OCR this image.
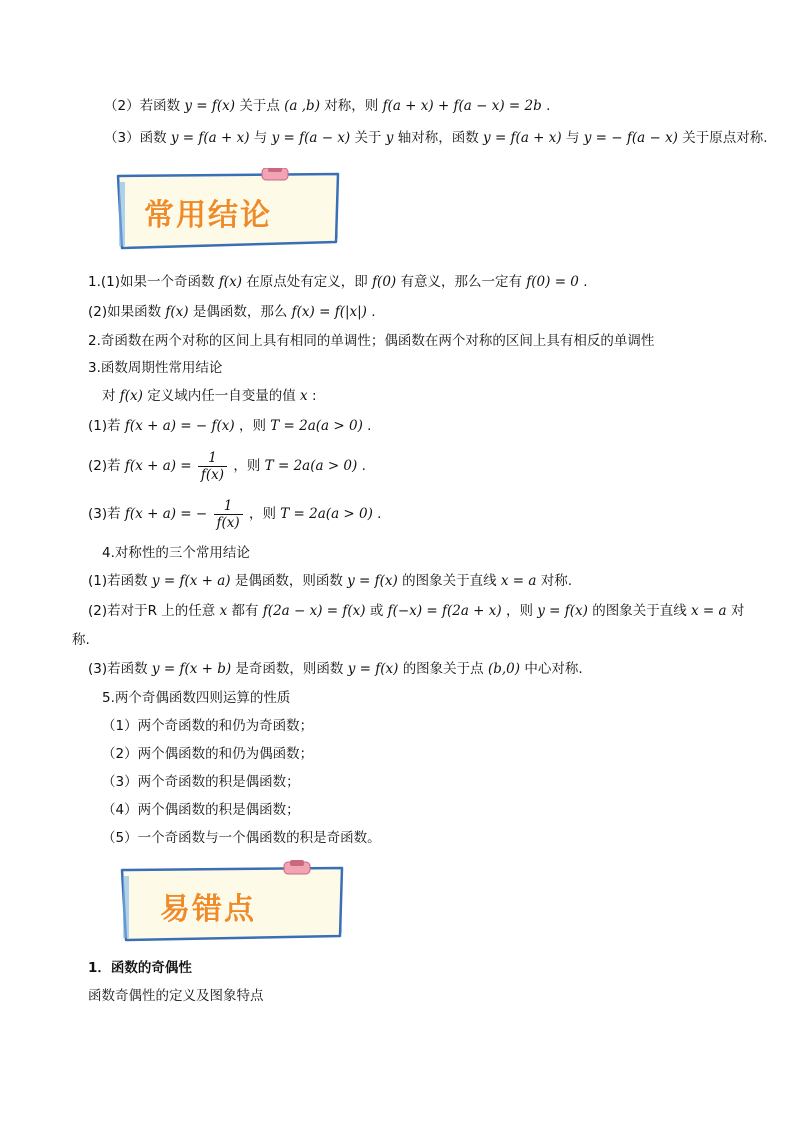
（2）若函数 y = f(x) 关于点 (a ,b) 对称，则 f(a + x) + f(a − x) = 2b .
（3）函数 y = f(a + x) 与 y = f(a − x) 关于 y 轴对称，函数 y = f(a + x) 与 y = − f(a − x) 关于原点对称.
常用结论
1.(1)如果一个奇函数 f(x) 在原点处有定义，即 f(0) 有意义，那么一定有 f(0) = 0 .
(2)如果函数 f(x) 是偶函数，那么 f(x) = f(|x|) .
2.奇函数在两个对称的区间上具有相同的单调性；偶函数在两个对称的区间上具有相反的单调性
3.函数周期性常用结论
对 f(x) 定义域内任一自变量的值 x :
(1)若 f(x + a) = − f(x) ，则 T = 2a(a > 0) .
(2)若 $f(x + a) = \frac{1}{f(x)}$ ，则 T = 2a(a > 0) .
(3)若 f(x + a) = − $\frac{1}{f(x)}$ ，则 T = 2a(a > 0) .
4.对称性的三个常用结论
(1)若函数 y = f(x + a) 是偶函数，则函数 y = f(x) 的图象关于直线 x = a 对称.
(2)若对于R 上的任意 x 都有 f(2a − x) = f(x) 或 f(−x) = f(2a + x) ，则 y = f(x) 的图象关于直线 x = a 对
称.
(3)若函数 y = f(x + b) 是奇函数，则函数 y = f(x) 的图象关于点 (b,0) 中心对称.
5.两个奇偶函数四则运算的性质
（1）两个奇函数的和仍为奇函数；
（2）两个偶函数的和仍为偶函数；
（3）两个奇函数的积是偶函数；
（4）两个偶函数的积是偶函数；
（5）一个奇函数与一个偶函数的积是奇函数。
易错点
1．函数的奇偶性
函数奇偶性的定义及图象特点
